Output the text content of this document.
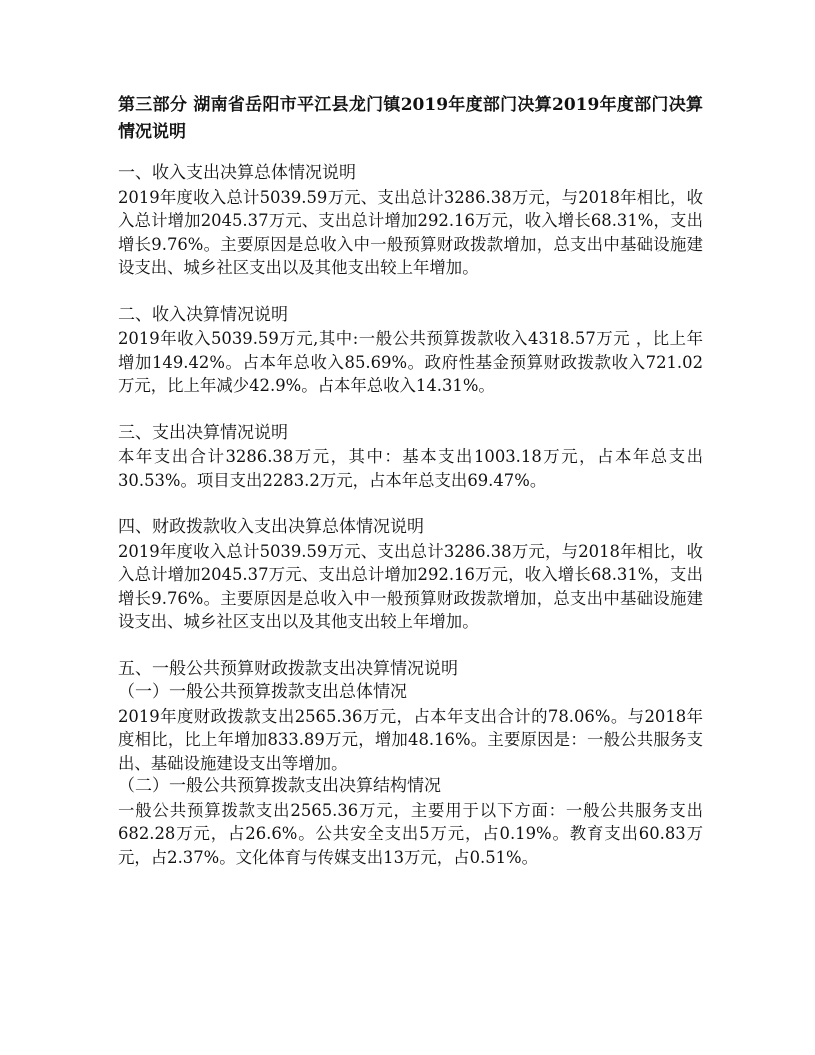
第三部分 湖南省岳阳市平江县龙门镇2019年度部门决算2019年度部门决算情况说明
一、收入支出决算总体情况说明
2019年度收入总计5039.59万元、支出总计3286.38万元，与2018年相比，收入总计增加2045.37万元、支出总计增加292.16万元，收入增长68.31%，支出增长9.76%。主要原因是总收入中一般预算财政拨款增加，总支出中基础设施建设支出、城乡社区支出以及其他支出较上年增加。
二、收入决算情况说明
2019年收入5039.59万元,其中:一般公共预算拨款收入4318.57万元 ，比上年增加149.42%。占本年总收入85.69%。政府性基金预算财政拨款收入721.02万元，比上年减少42.9%。占本年总收入14.31%。
三、支出决算情况说明
本年支出合计3286.38万元，其中：基本支出1003.18万元，占本年总支出30.53%。项目支出2283.2万元，占本年总支出69.47%。
四、财政拨款收入支出决算总体情况说明
2019年度收入总计5039.59万元、支出总计3286.38万元，与2018年相比，收入总计增加2045.37万元、支出总计增加292.16万元，收入增长68.31%，支出增长9.76%。主要原因是总收入中一般预算财政拨款增加，总支出中基础设施建设支出、城乡社区支出以及其他支出较上年增加。
五、一般公共预算财政拨款支出决算情况说明
（一）一般公共预算拨款支出总体情况
2019年度财政拨款支出2565.36万元，占本年支出合计的78.06%。与2018年度相比，比上年增加833.89万元，增加48.16%。主要原因是：一般公共服务支出、基础设施建设支出等增加。
（二）一般公共预算拨款支出决算结构情况
一般公共预算拨款支出2565.36万元，主要用于以下方面：一般公共服务支出682.28万元，占26.6%。公共安全支出5万元，占0.19%。教育支出60.83万元，占2.37%。文化体育与传媒支出13万元，占0.51%。
